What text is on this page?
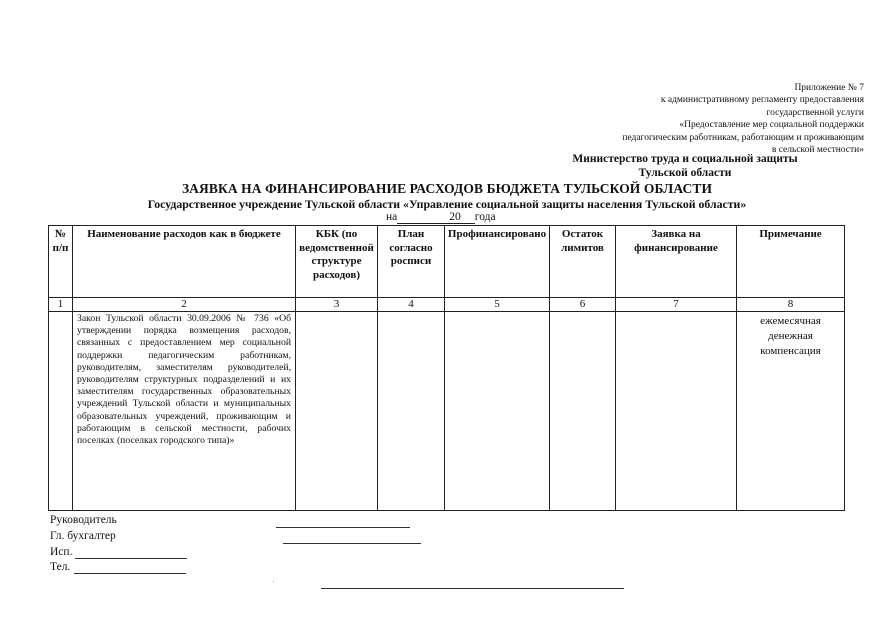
Приложение № 7
к административному регламенту предоставления
государственной услуги
«Предоставление мер социальной поддержки
педагогическим работникам, работающим и проживающим
в сельской местности»
Министерство труда и социальной защиты
Тульской области
ЗАЯВКА НА ФИНАНСИРОВАНИЕ РАСХОДОВ БЮДЖЕТА ТУЛЬСКОЙ ОБЛАСТИ
Государственное учреждение Тульской области «Управление социальной защиты населения Тульской области»
на	20 года
№ п/п	Наименование расходов как в бюджете	КБК (по ведомственной структуре расходов)	План согласно росписи	Профинансировано	Остаток лимитов	Заявка на финансирование	Примечание
1	2	3	4	5	6	7	8

	Закон Тульской области 30.09.2006 № 736 «Об утверждении порядка возмещения расходов, связанных с предоставлением мер социальной поддержки педагогическим работникам, руководителям, заместителям руководителей, руководителям структурных подразделений и их заместителям государственных образовательных учреждений Тульской области и муниципальных образовательных учреждений, проживающим и работающим в сельской местности, рабочих поселках (поселках городского типа)»						ежемесячная денежная компенсация
Руководитель
Гл. бухгалтер
Исп.
Тел.
